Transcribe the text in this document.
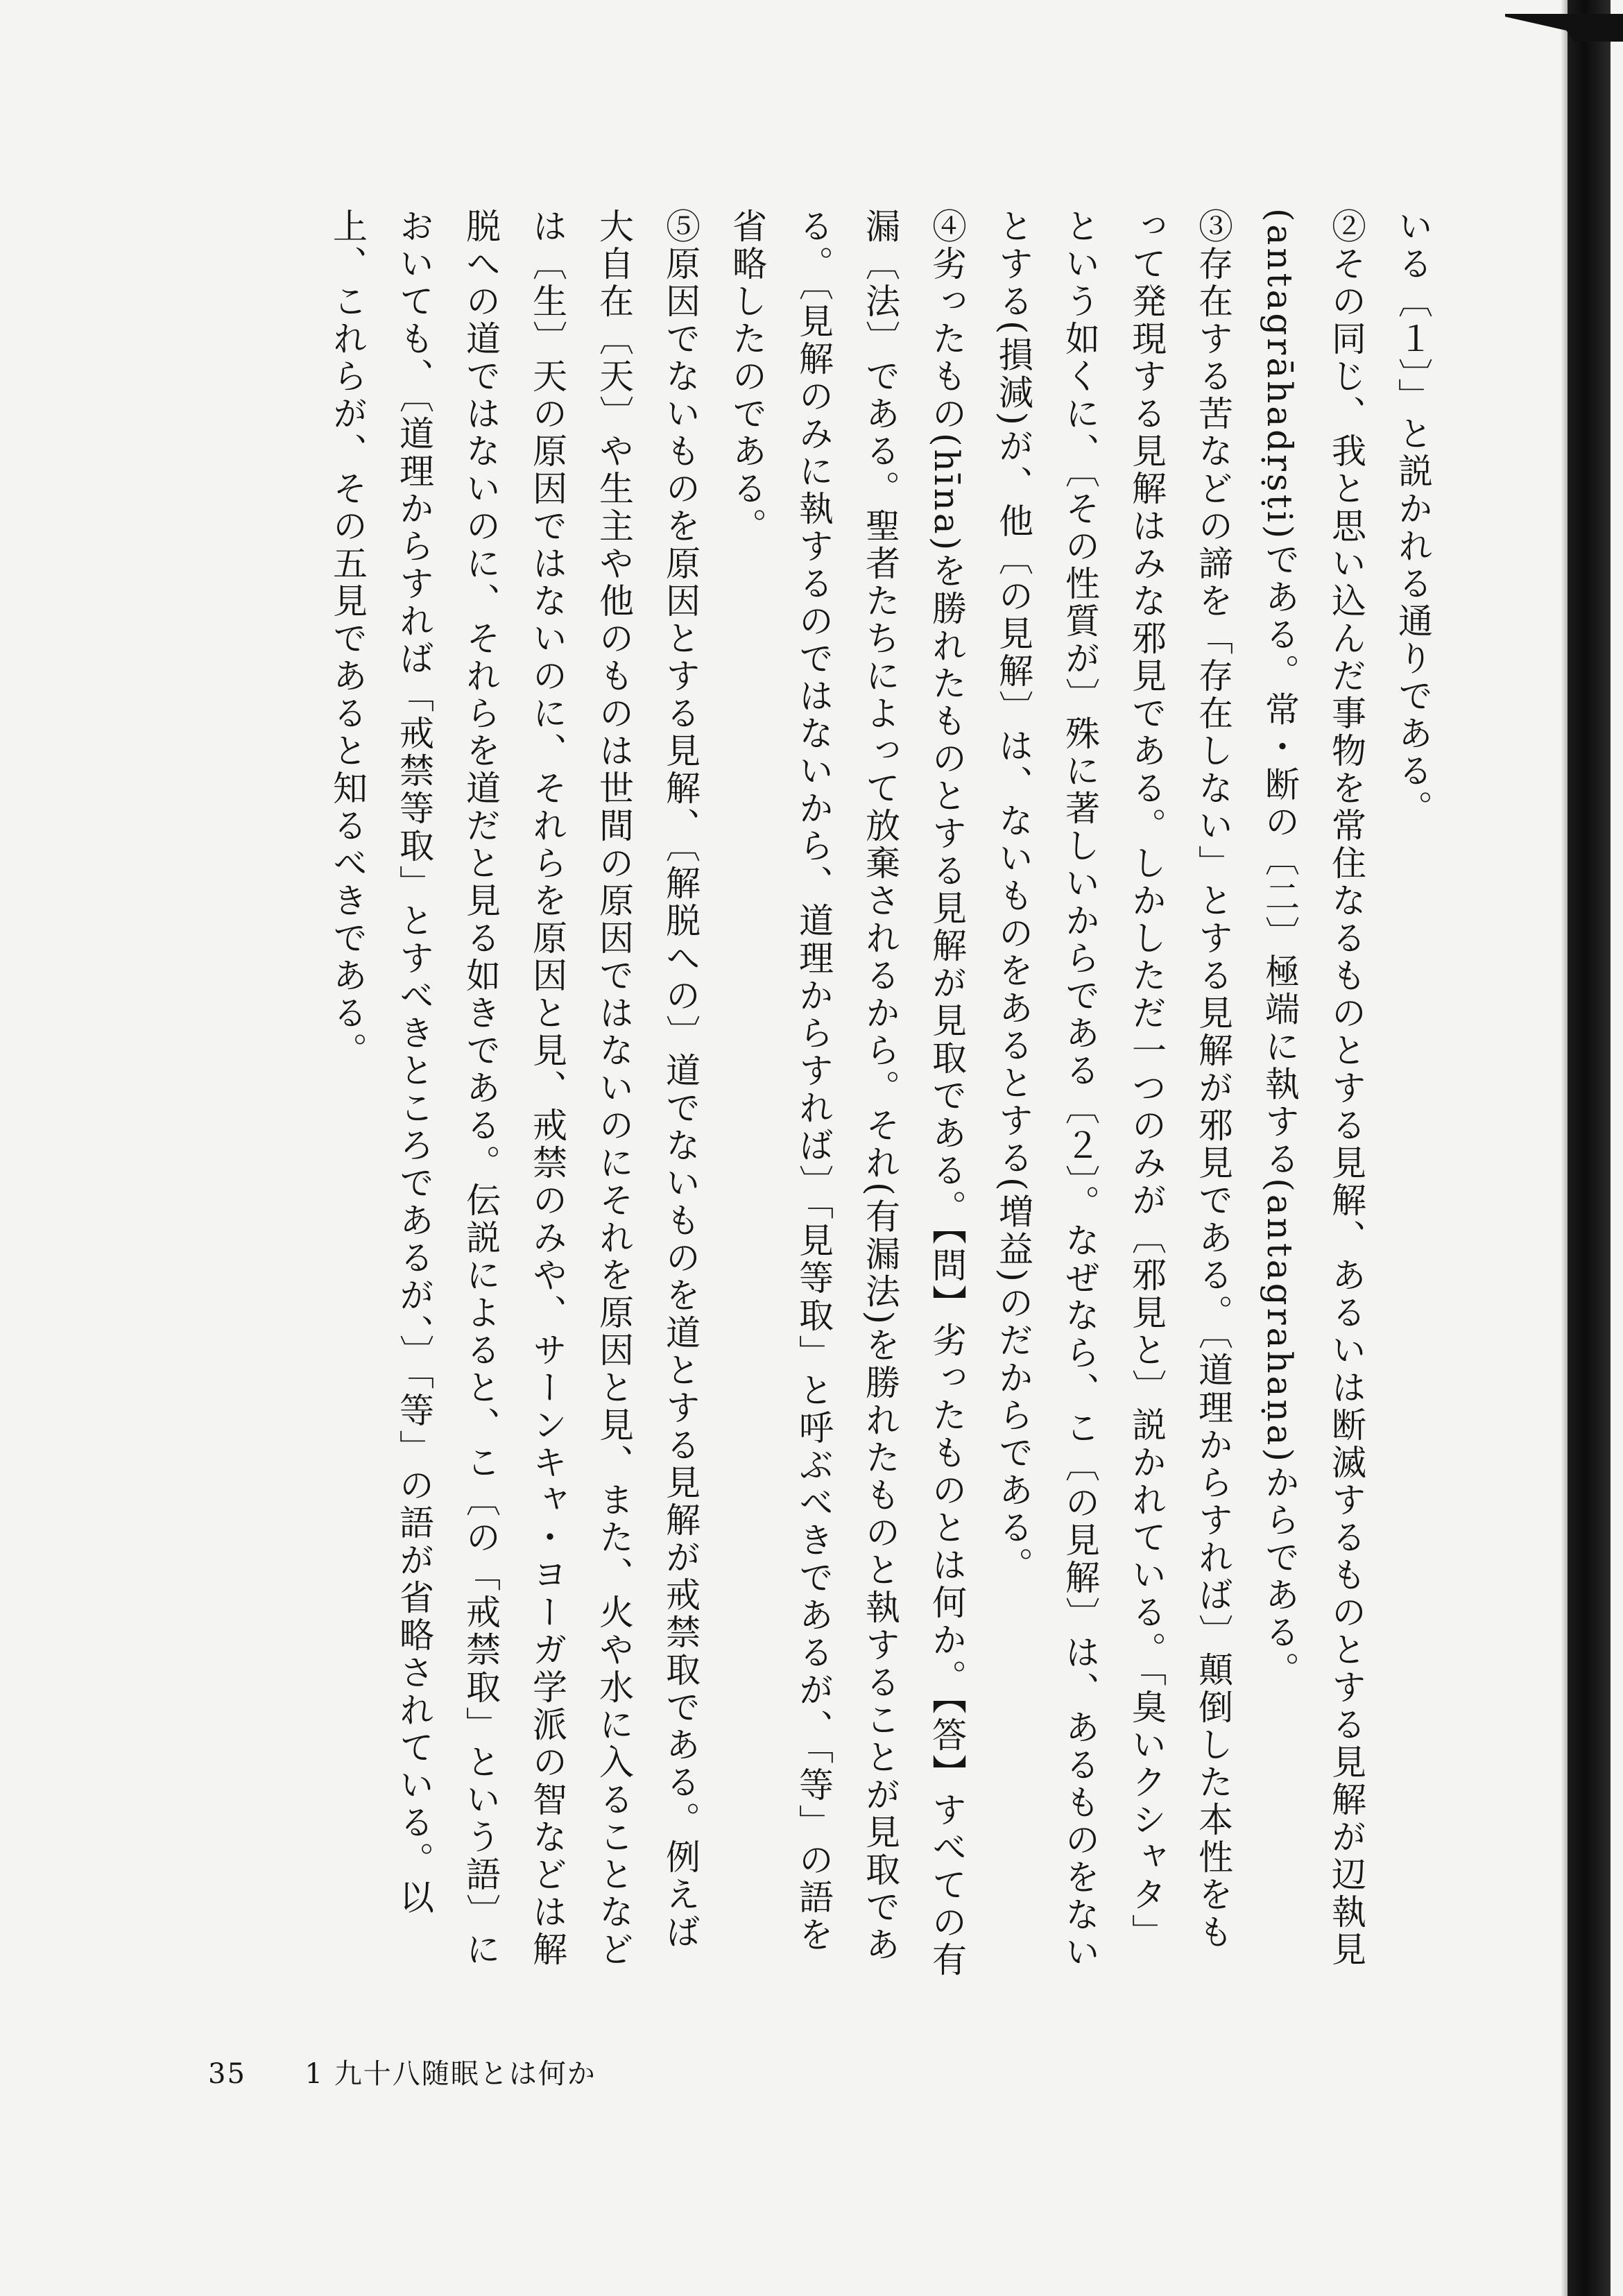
いる〔１〕」と説かれる通りである。

②その同じ、我と思い込んだ事物を常住なるものとする見解、あるいは断滅するものとする見解が辺執見(antagrāhadṛṣṭi)である。常・断の〔二〕極端に執する(antagrahaṇa)からである。

③存在する苦などの諦を「存在しない」とする見解が邪見である。〔道理からすれば〕顛倒した本性をもって発現する見解はみな邪見である。しかしただ一つのみが〔邪見と〕説かれている。「臭いクシャタ」という如くに、〔その性質が〕殊に著しいからである〔２〕。なぜなら、こ〔の見解〕は、あるものをないとする(損減)が、他〔の見解〕は、ないものをあるとする(増益)のだからである。

④劣ったもの(hīna)を勝れたものとする見解が見取である。【問】劣ったものとは何か。【答】すべての有漏〔法〕である。聖者たちによって放棄されるから。それ(有漏法)を勝れたものと執することが見取である。〔見解のみに執するのではないから、道理からすれば〕「見等取」と呼ぶべきであるが、「等」の語を省略したのである。

⑤原因でないものを原因とする見解、〔解脱への〕道でないものを道とする見解が戒禁取である。例えば大自在〔天〕や生主や他のものは世間の原因ではないのにそれを原因と見、また、火や水に入ることなどは〔生〕天の原因ではないのに、それらを原因と見、戒禁のみや、サーンキャ・ヨーガ学派の智などは解脱への道ではないのに、それらを道だと見る如きである。伝説によると、こ〔の「戒禁取」という語〕においても、〔道理からすれば「戒禁等取」とすべきところであるが、〕「等」の語が省略されている。以上、これらが、その五見であると知るべきである。

35 1 九十八随眠とは何か
